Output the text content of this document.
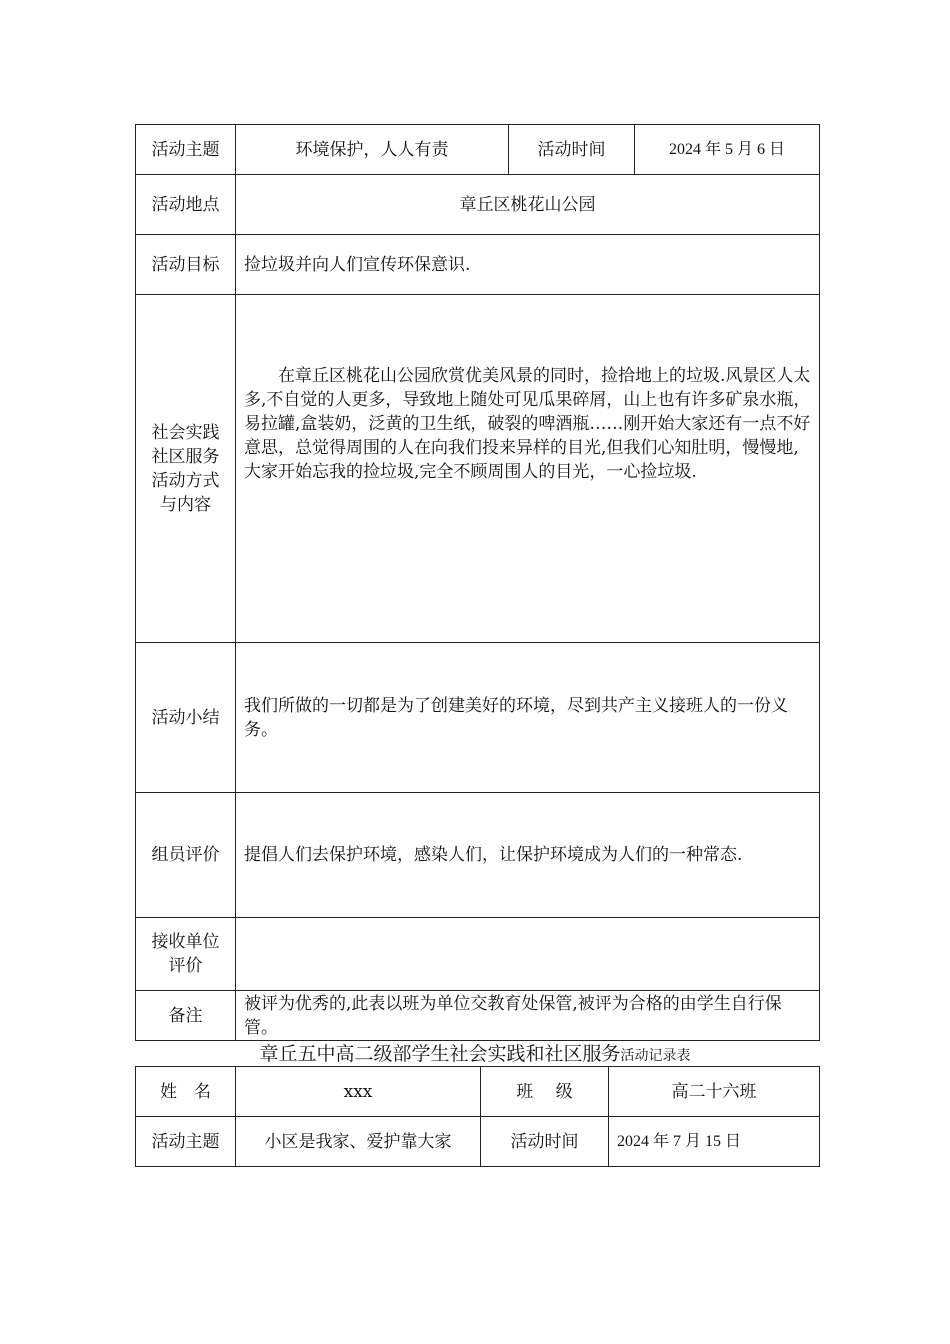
活动主题	环境保护，人人有责	活动时间	2024 年 5 月 6 日
活动地点	章丘区桃花山公园		
活动目标	捡垃圾并向人们宣传环保意识.		

社会实践
社区服务
活动方式
与内容	在章丘区桃花山公园欣赏优美风景的同时，捡拾地上的垃圾.风景区人太多,不自觉的人更多，导致地上随处可见瓜果碎屑，山上也有许多矿泉水瓶，易拉罐,盒装奶，泛黄的卫生纸，破裂的啤酒瓶……刚开始大家还有一点不好意思，总觉得周围的人在向我们投来异样的目光,但我们心知肚明，慢慢地,大家开始忘我的捡垃圾,完全不顾周围人的目光，一心捡垃圾.		
活动小结	我们所做的一切都是为了创建美好的环境，尽到共产主义接班人的一份义务。		
组员评价	提倡人们去保护环境，感染人们，让保护环境成为人们的一种常态.		

接收单位
评价			

备注	被评为优秀的,此表以班为单位交教育处保管,被评为合格的由学生自行保管。		
章丘五中高二级部学生社会实践和社区服务活动记录表
姓　名	xxx	班　 级	高二十六班
活动主题	小区是我家、爱护靠大家	活动时间	2024 年 7 月 15 日
